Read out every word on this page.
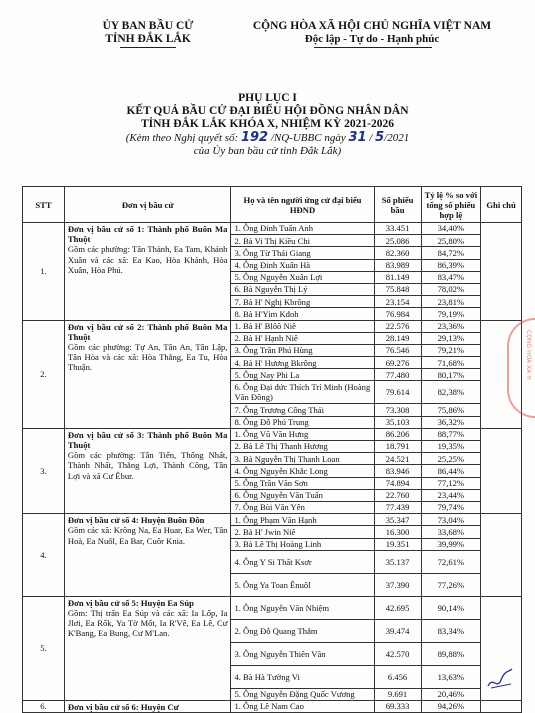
ỦY BAN BẦU CỬ
TỈNH ĐẮK LẮK
CỘNG HÒA XÃ HỘI CHỦ NGHĨA VIỆT NAM
Độc lập - Tự do - Hạnh phúc
PHỤ LỤC I
KẾT QUẢ BẦU CỬ ĐẠI BIỂU HỘI ĐỒNG NHÂN DÂN
TỈNH ĐẮK LẮK KHÓA X, NHIỆM KỲ 2021-2026
(Kèm theo Nghị quyết số: 192 /NQ-UBBC ngày 31 / 5/2021
của Ủy ban bầu cử tỉnh Đắk Lắk)
STT	Đơn vị bầu cử	Họ và tên người ứng cử đại biểu HĐND	Số phiếu bầu	Tỷ lệ % so với tổng số phiếu hợp lệ	Ghi chú
1.	Đơn vị bầu cử số 1: Thành phố Buôn Ma Thuột
Gồm các phường: Tân Thành, Ea Tam, Khánh Xuân và các xã: Ea Kao, Hòa Khánh, Hòa Xuân, Hòa Phú.	1. Ông Đinh Tuấn Anh	33.451	34,40%	
		2. Bà Vi Thị Kiều Chi	25.086	25,80%	
		3. Ông Từ Thái Giang	82.360	84,72%	
		4. Ông Đinh Xuân Hà	83.989	86,39%	
		5. Ông Nguyễn Xuân Lợi	81.149	83,47%	
		6. Bà Nguyễn Thị Lý	75.848	78,02%	
		7. Bà H' Nghị Kbrông	23.154	23,81%	
		8. Bà H'Yim Kđoh	76.984	79,19%	
2.	Đơn vị bầu cử số 2: Thành phố Buôn Ma Thuột
Gồm các phường: Tự An, Tân An, Tân Lập, Tân Hòa và các xã: Hòa Thắng, Ea Tu, Hòa Thuận.	1. Bà H' Blôô Niê	22.576	23,36%	
		2. Bà H' Hạnh Niê	28.149	29,13%	
		3. Ông Trần Phú Hùng	76.546	79,21%	
		4. Bà H' Hương Bkrông	69.276	71,68%	
		5. Ông Nay Phi La	77.480	80,17%	
		6. Ông Đại đức Thích Trí Minh (Hoàng Văn Đồng)	79.614	82,38%	
		7. Ông Trương Công Thái	73.308	75,86%	
		8. Ông Đỗ Phú Trung	35.103	36,32%	
3.	Đơn vị bầu cử số 3: Thành phố Buôn Ma Thuột
Gồm các phường: Tân Tiến, Thống Nhất, Thành Nhất, Thắng Lợi, Thành Công, Tân Lợi và xã Cư Êbur.	1. Ông Vũ Văn Hưng	86.206	88,77%	
		2. Bà Lê Thị Thanh Hương	18.791	19,35%	
		3. Bà Nguyễn Thị Thanh Loan	24.521	25,25%	
		4. Ông Nguyễn Khắc Long	83.946	86,44%	
		5. Ông Trần Văn Sơn	74.894	77,12%	
		6. Ông Nguyễn Văn Tuấn	22.760	23,44%	
		7. Ông Bùi Văn Yên	77.439	79,74%	
4.	Đơn vị bầu cử số 4: Huyện Buôn Đôn
Gồm các xã: Krông Na, Ea Huar, Ea Wer, Tân Hoà, Ea Nuôl, Ea Bar, Cuôr Knia.	1. Ông Phạm Văn Hạnh	35.347	73,04%	
		2. Bà H' Jwin Niê	16.300	33,68%	
		3. Bà Lê Thị Hoàng Linh	19.351	39,99%	
		4. Ông Y Si Thất Ksơr	35.137	72,61%	
		5. Ông Ya Toan Ênuôl	37.390	77,26%	
5.	Đơn vị bầu cử số 5: Huyện Ea Súp
Gồm: Thị trấn Ea Súp và các xã: Ia Lốp, Ia Jlơi, Ea Rốk, Ya Tờ Mốt, Ia R'Vê, Ea Lê, Cư K'Bang, Ea Bung, Cư M'Lan.	1. Ông Nguyễn Văn Nhiệm	42.695	90,14%	
		2. Ông Đỗ Quang Thắm	39.474	83,34%	
		3. Ông Nguyễn Thiên Văn	42.570	89,88%	
		4. Bà Hà Tường Vi	6.456	13,63%	
		5. Ông Nguyễn Đặng Quốc Vương	9.691	20,46%	
6.	Đơn vị bầu cử số 6: Huyện Cư	1. Ông Lê Nam Cao	69.333	94,26%	
CỘNG HÒA XÃ H
